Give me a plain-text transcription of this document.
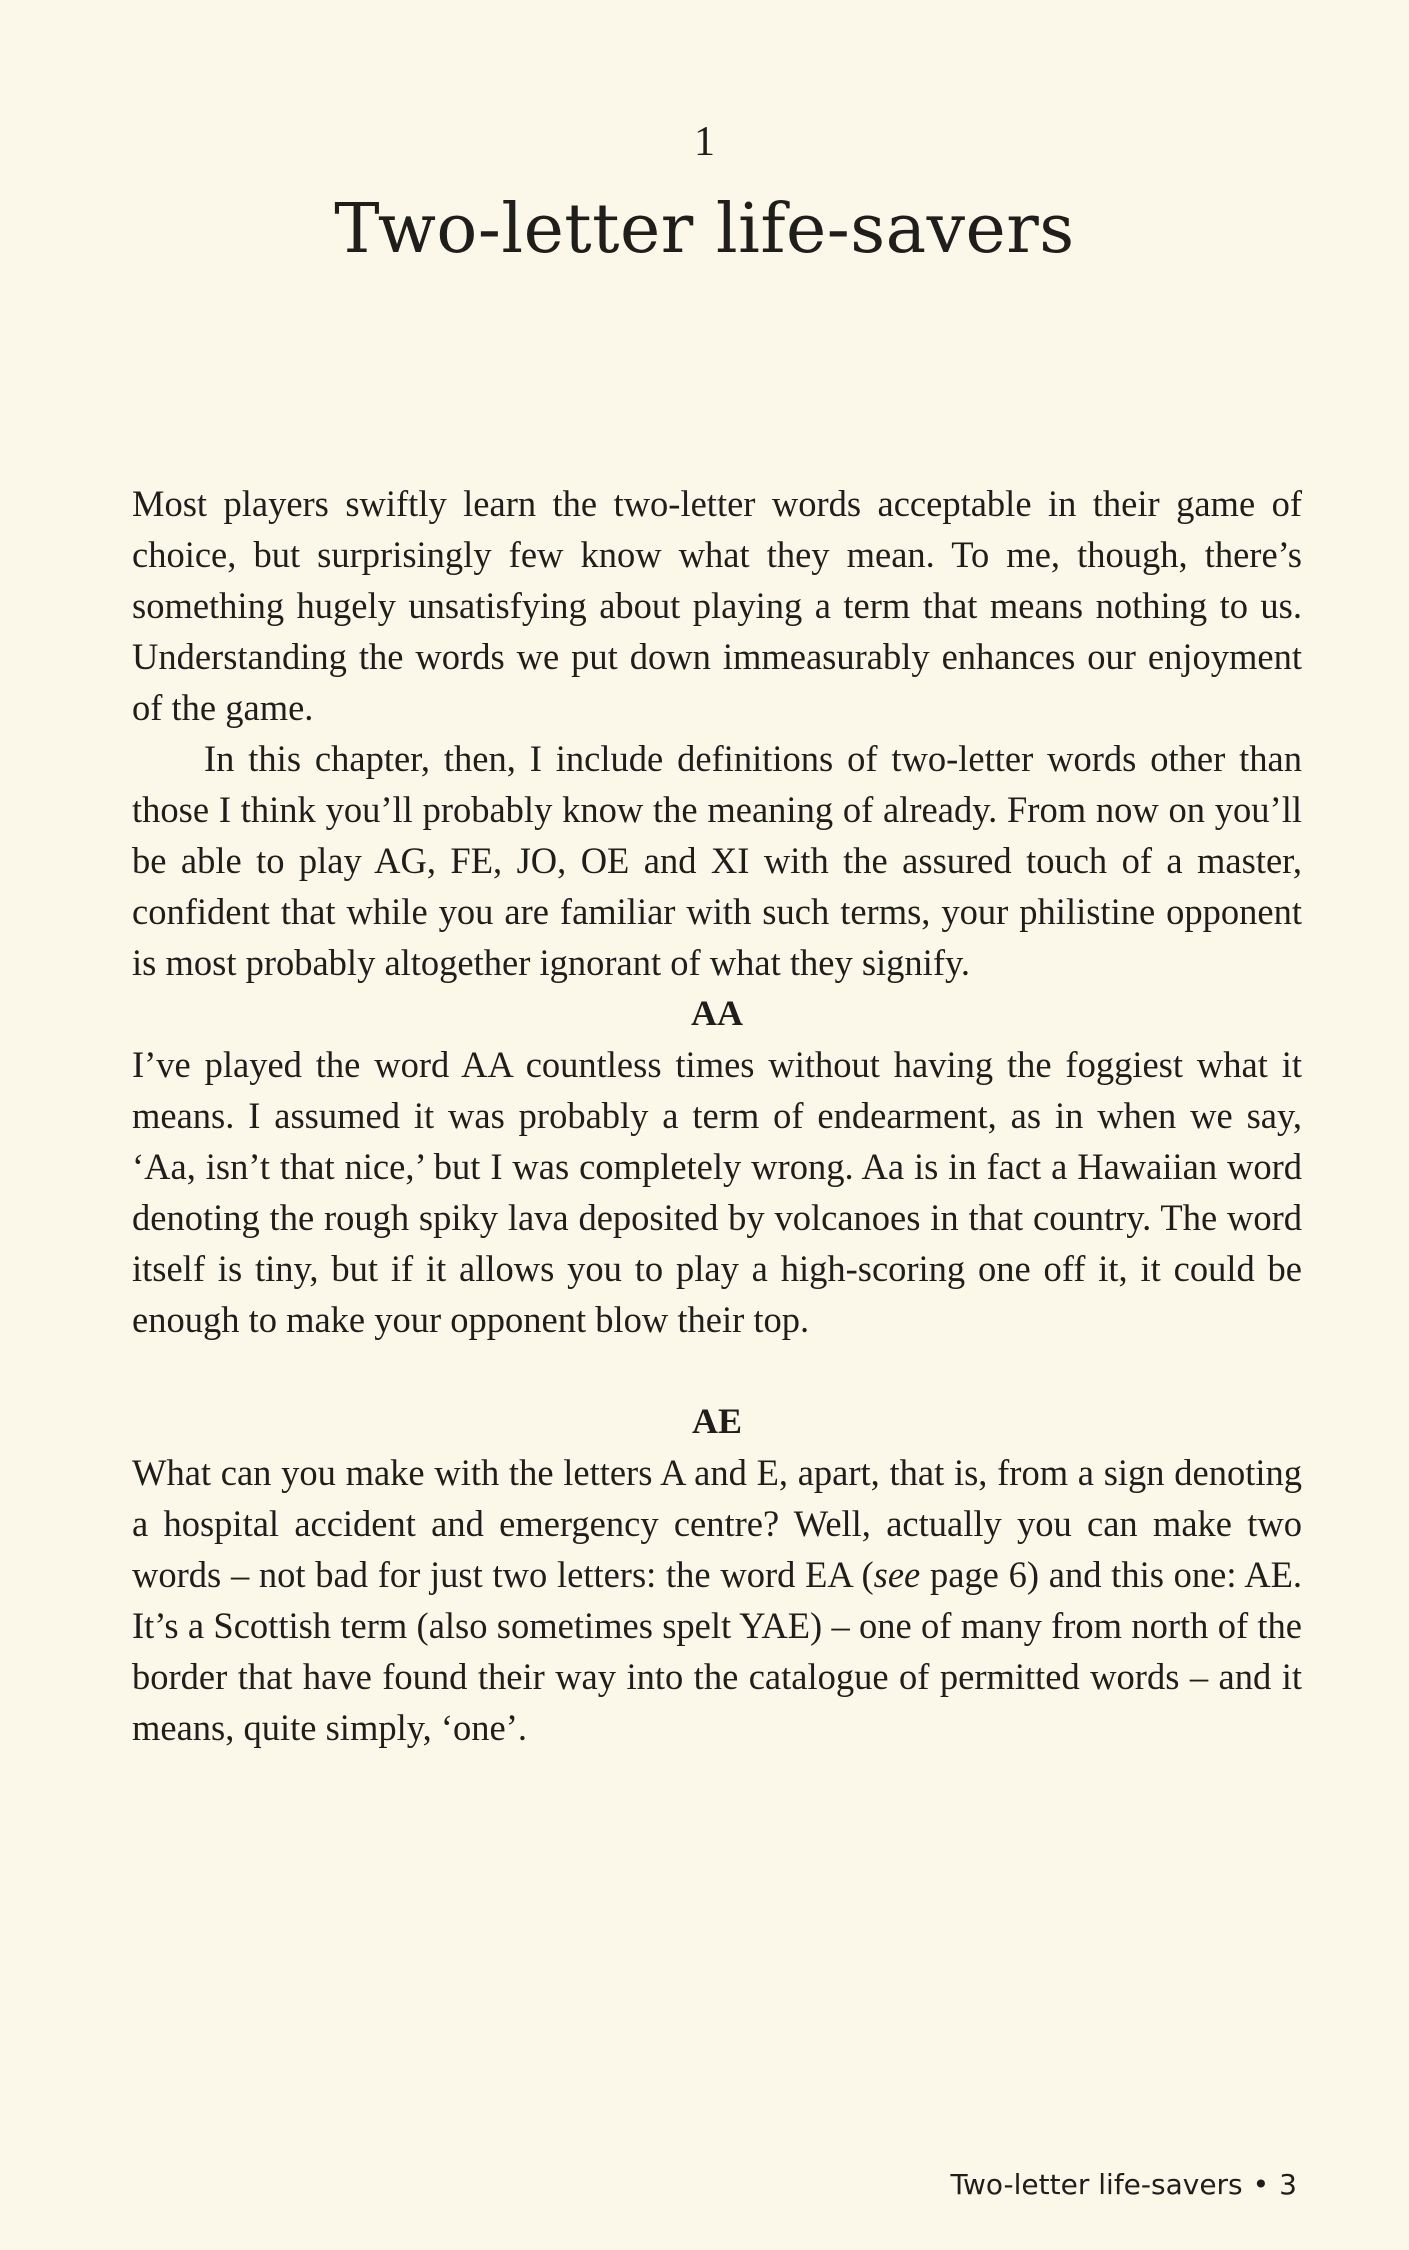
1
Two-letter life-savers

Most players swiftly learn the two-letter words acceptable in their game of choice, but surprisingly few know what they mean. To me, though, there’s something hugely unsatisfying about playing a term that means nothing to us. Understanding the words we put down immeasurably enhances our enjoyment of the game.

In this chapter, then, I include definitions of two-letter words other than those I think you’ll probably know the meaning of already. From now on you’ll be able to play AG, FE, JO, OE and XI with the assured touch of a master, confident that while you are familiar with such terms, your philistine opponent is most probably altogether ignorant of what they signify.

AA

I’ve played the word AA countless times without having the foggiest what it means. I assumed it was probably a term of endearment, as in when we say, ‘Aa, isn’t that nice,’ but I was completely wrong. Aa is in fact a Hawaiian word denoting the rough spiky lava deposited by volcanoes in that country. The word itself is tiny, but if it allows you to play a high-scoring one off it, it could be enough to make your opponent blow their top.

AE

What can you make with the letters A and E, apart, that is, from a sign denoting a hospital accident and emergency centre? Well, actually you can make two words – not bad for just two letters: the word EA (see page 6) and this one: AE. It’s a Scottish term (also sometimes spelt YAE) – one of many from north of the border that have found their way into the catalogue of permitted words – and it means, quite simply, ‘one’.

Two-letter life-savers • 3
